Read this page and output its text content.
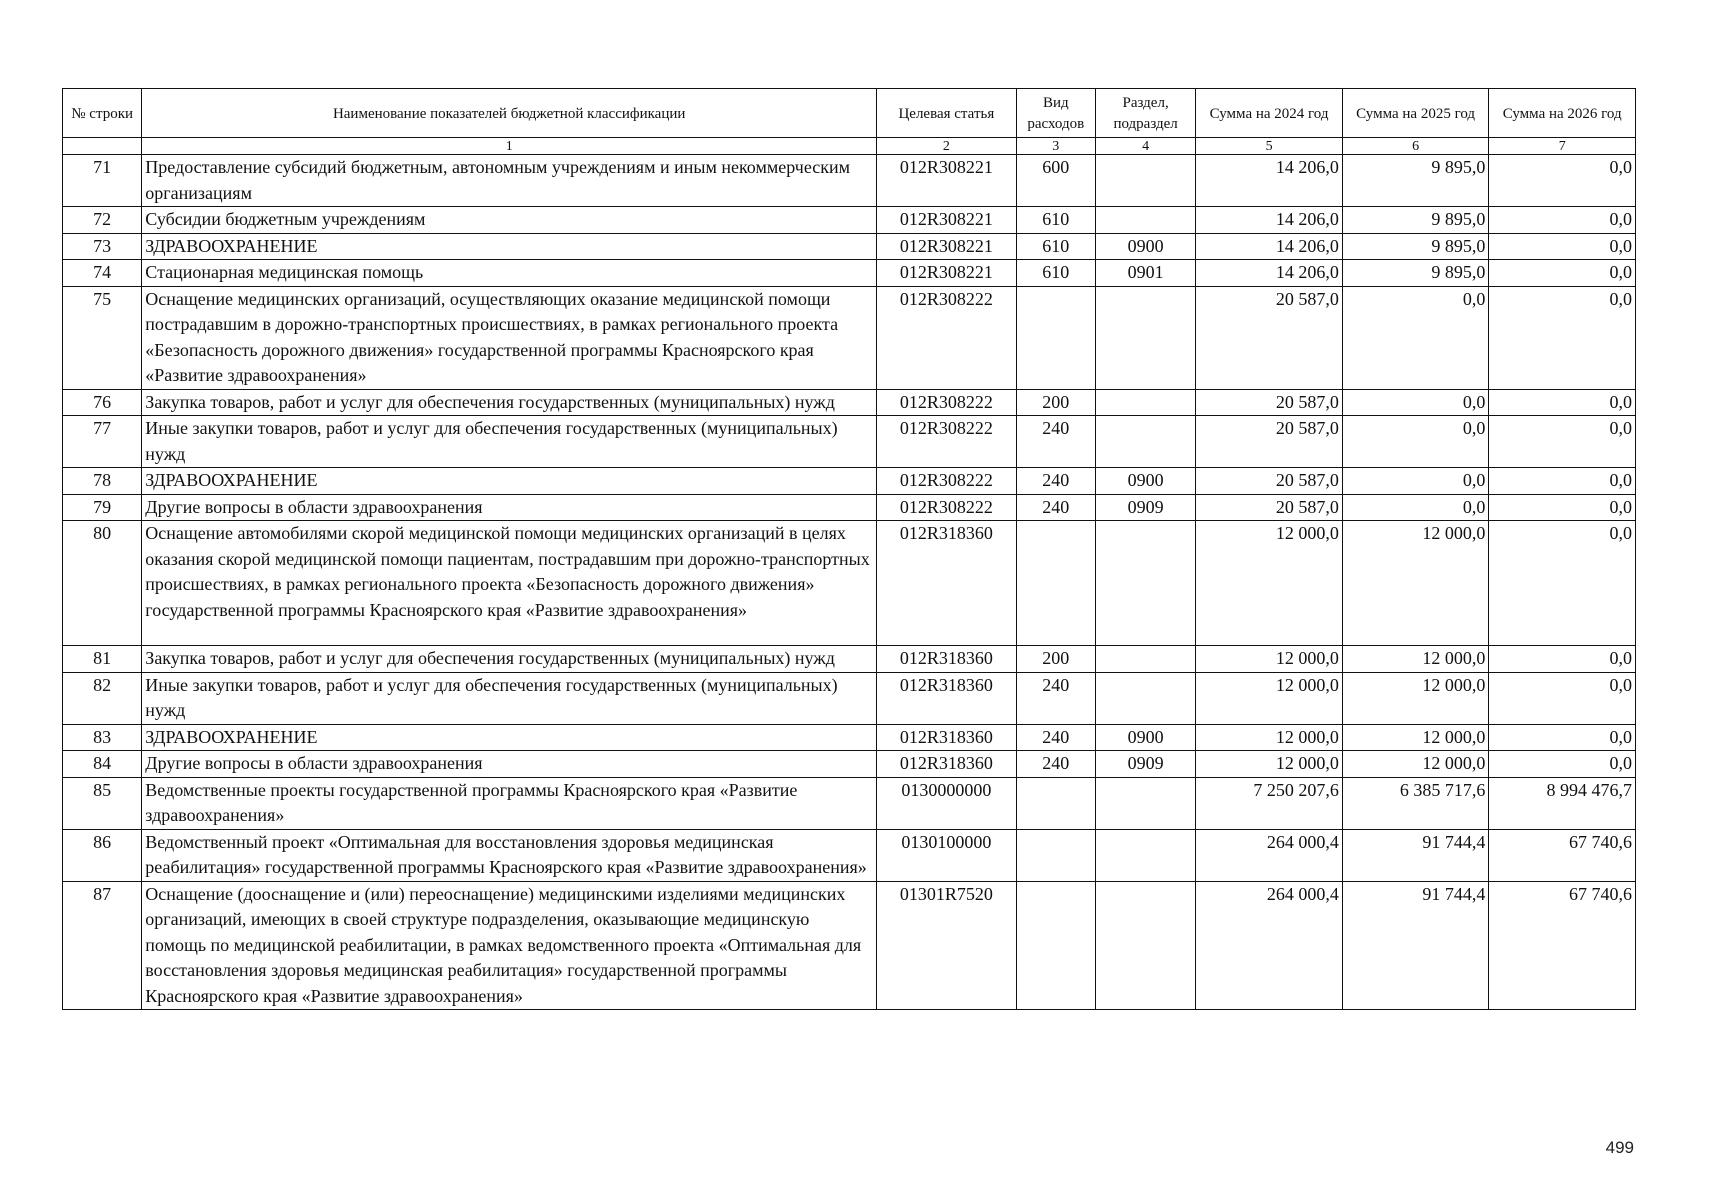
№ строки	Наименование показателей бюджетной классификации	Целевая статья	Вид расходов	Раздел, подраздел	Сумма на 2024 год	Сумма на 2025 год	Сумма на 2026 год
	1	2	3	4	5	6	7
71	Предоставление субсидий бюджетным, автономным учреждениям и иным некоммерческим организациям	012R308221	600		14 206,0	9 895,0	0,0
72	Субсидии бюджетным учреждениям	012R308221	610		14 206,0	9 895,0	0,0
73	ЗДРАВООХРАНЕНИЕ	012R308221	610	0900	14 206,0	9 895,0	0,0
74	Стационарная медицинская помощь	012R308221	610	0901	14 206,0	9 895,0	0,0
75	Оснащение медицинских организаций, осуществляющих оказание медицинской помощи пострадавшим в дорожно-транспортных происшествиях, в рамках регионального проекта «Безопасность дорожного движения» государственной программы Красноярского края «Развитие здравоохранения»	012R308222			20 587,0	0,0	0,0
76	Закупка товаров, работ и услуг для обеспечения государственных (муниципальных) нужд	012R308222	200		20 587,0	0,0	0,0
77	Иные закупки товаров, работ и услуг для обеспечения государственных (муниципальных) нужд	012R308222	240		20 587,0	0,0	0,0
78	ЗДРАВООХРАНЕНИЕ	012R308222	240	0900	20 587,0	0,0	0,0
79	Другие вопросы в области здравоохранения	012R308222	240	0909	20 587,0	0,0	0,0
80	Оснащение автомобилями скорой медицинской помощи медицинских организаций в целях оказания скорой медицинской помощи пациентам, пострадавшим при дорожно-транспортных происшествиях, в рамках регионального проекта «Безопасность дорожного движения» государственной программы Красноярского края «Развитие здравоохранения»	012R318360			12 000,0	12 000,0	0,0
81	Закупка товаров, работ и услуг для обеспечения государственных (муниципальных) нужд	012R318360	200		12 000,0	12 000,0	0,0
82	Иные закупки товаров, работ и услуг для обеспечения государственных (муниципальных) нужд	012R318360	240		12 000,0	12 000,0	0,0
83	ЗДРАВООХРАНЕНИЕ	012R318360	240	0900	12 000,0	12 000,0	0,0
84	Другие вопросы в области здравоохранения	012R318360	240	0909	12 000,0	12 000,0	0,0
85	Ведомственные проекты государственной программы Красноярского края «Развитие здравоохранения»	0130000000			7 250 207,6	6 385 717,6	8 994 476,7
86	Ведомственный проект «Оптимальная для восстановления здоровья медицинская реабилитация» государственной программы Красноярского края «Развитие здравоохранения»	0130100000			264 000,4	91 744,4	67 740,6
87	Оснащение (дооснащение и (или) переоснащение) медицинскими изделиями медицинских организаций, имеющих в своей структуре подразделения, оказывающие медицинскую помощь по медицинской реабилитации, в рамках ведомственного проекта «Оптимальная для восстановления здоровья медицинская реабилитация» государственной программы Красноярского края «Развитие здравоохранения»	01301R7520			264 000,4	91 744,4	67 740,6
499
